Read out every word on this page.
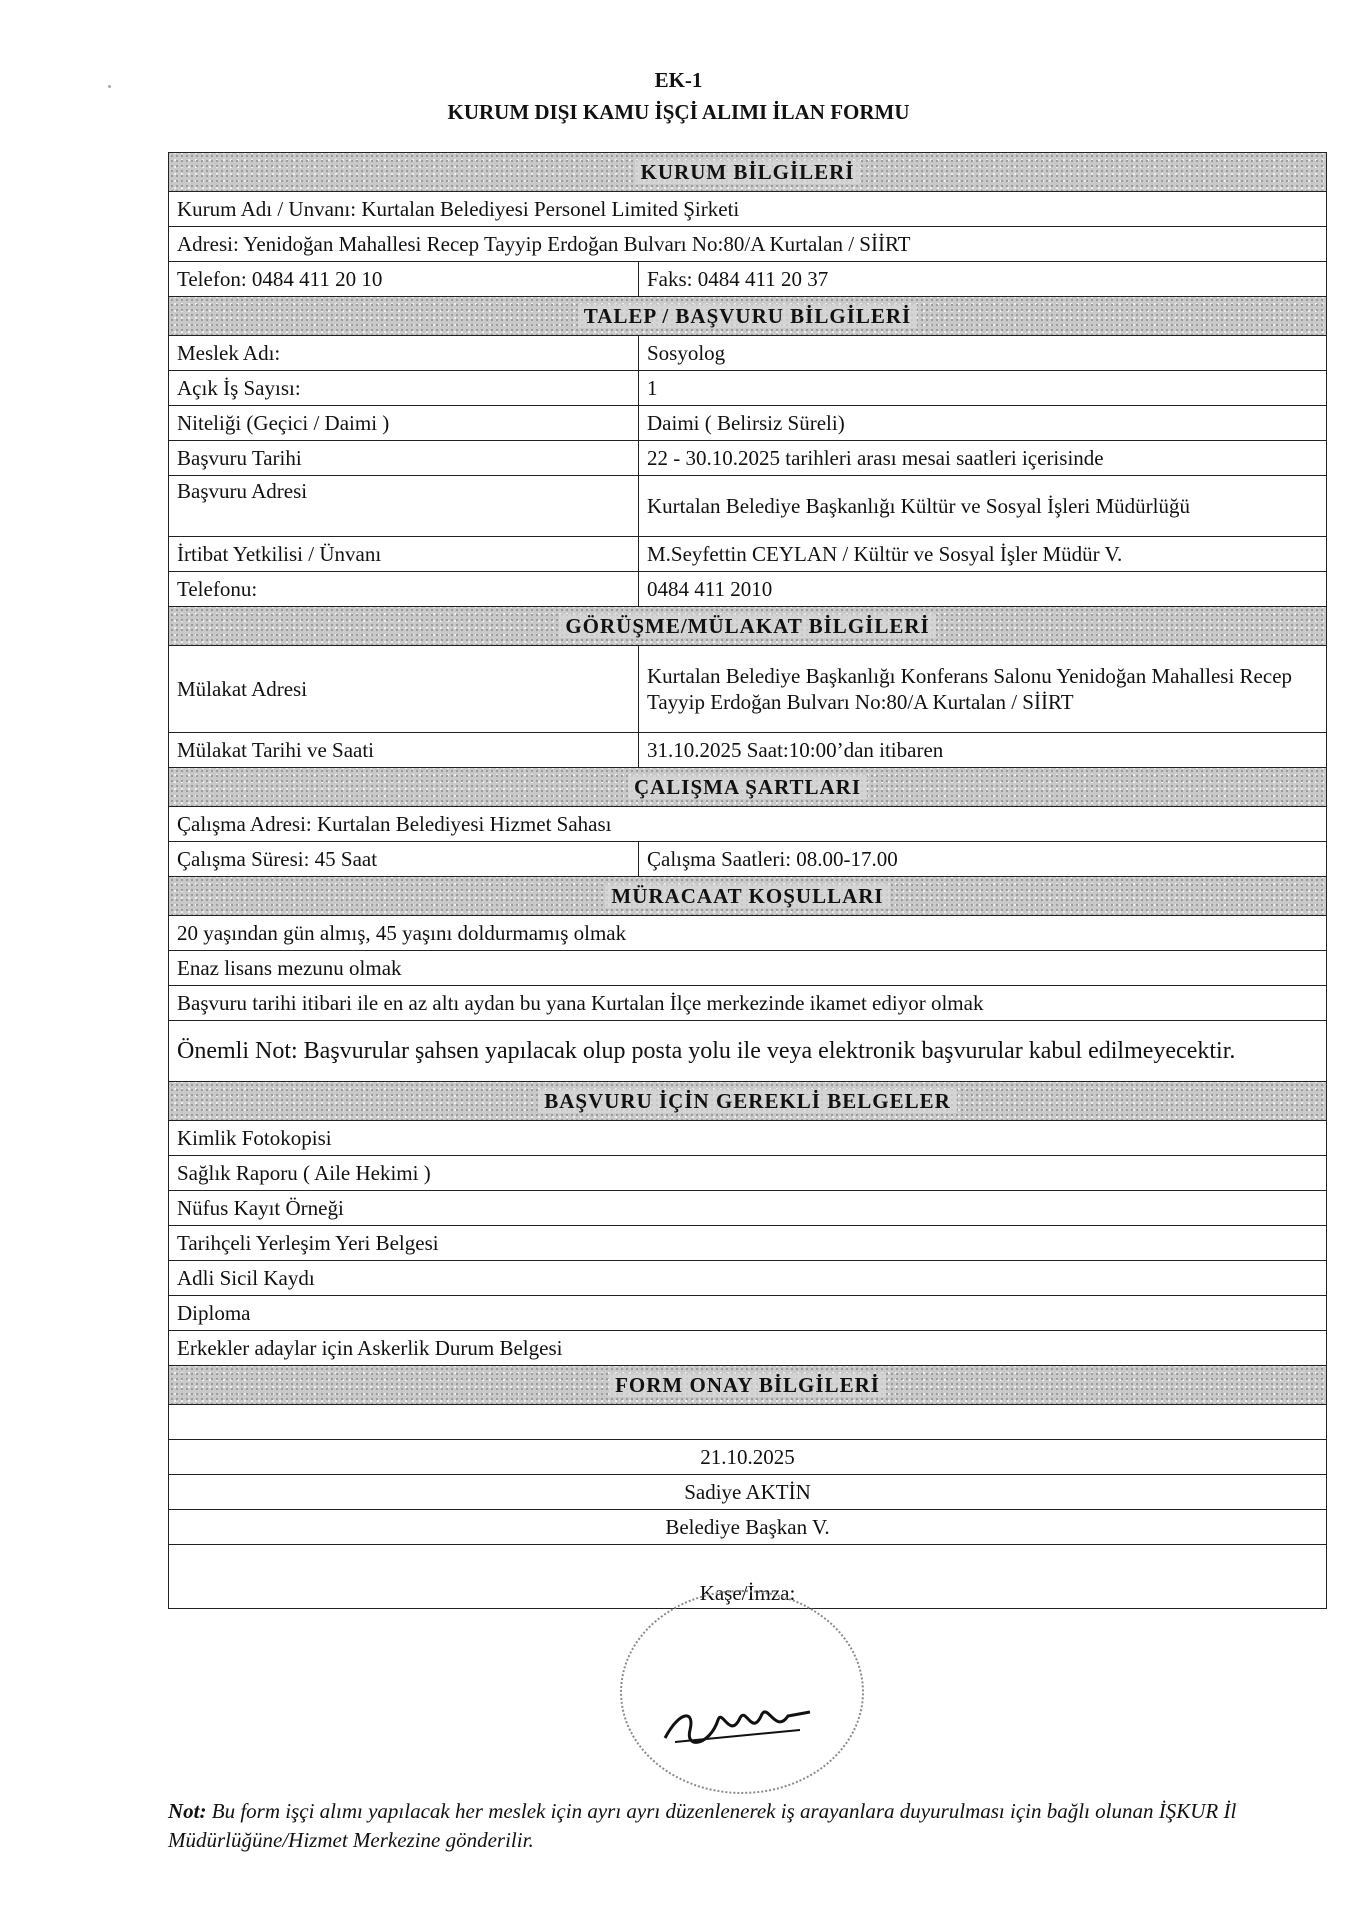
EK-1
KURUM DIŞI KAMU İŞÇİ ALIMI İLAN FORMU
KURUM BİLGİLERİ	
Kurum Adı / Unvanı: Kurtalan Belediyesi Personel Limited Şirketi	
Adresi: Yenidoğan Mahallesi Recep Tayyip Erdoğan Bulvarı No:80/A Kurtalan / SİİRT	
Telefon: 0484 411 20 10	Faks: 0484 411 20 37
TALEP / BAŞVURU BİLGİLERİ	
Meslek Adı:	Sosyolog
Açık İş Sayısı:	1
Niteliği (Geçici / Daimi )	Daimi ( Belirsiz Süreli)
Başvuru Tarihi	22 - 30.10.2025 tarihleri arası mesai saatleri içerisinde
Başvuru Adresi	Kurtalan Belediye Başkanlığı Kültür ve Sosyal İşleri Müdürlüğü
İrtibat Yetkilisi / Ünvanı	M.Seyfettin CEYLAN / Kültür ve Sosyal İşler Müdür V.
Telefonu:	0484 411 2010
GÖRÜŞME/MÜLAKAT BİLGİLERİ	
Mülakat Adresi	Kurtalan Belediye Başkanlığı Konferans Salonu Yenidoğan Mahallesi Recep Tayyip Erdoğan Bulvarı No:80/A Kurtalan / SİİRT
Mülakat Tarihi ve Saati	31.10.2025 Saat:10:00’dan itibaren
ÇALIŞMA ŞARTLARI	
Çalışma Adresi: Kurtalan Belediyesi Hizmet Sahası	
Çalışma Süresi: 45 Saat	Çalışma Saatleri: 08.00-17.00
MÜRACAAT KOŞULLARI	
20 yaşından gün almış, 45 yaşını doldurmamış olmak	
Enaz lisans mezunu olmak	
Başvuru tarihi itibari ile en az altı aydan bu yana Kurtalan İlçe merkezinde ikamet ediyor olmak	
Önemli Not: Başvurular şahsen yapılacak olup posta yolu ile veya elektronik başvurular kabul edilmeyecektir.	
BAŞVURU İÇİN GEREKLİ BELGELER	
Kimlik Fotokopisi	
Sağlık Raporu ( Aile Hekimi )	
Nüfus Kayıt Örneği	
Tarihçeli Yerleşim Yeri Belgesi	
Adli Sicil Kaydı	
Diploma	
Erkekler adaylar için Askerlik Durum Belgesi	
FORM ONAY BİLGİLERİ	

21.10.2025	
Sadiye AKTİN	
Belediye Başkan V.	
Kaşe/İmza:	
Not: Bu form işçi alımı yapılacak her meslek için ayrı ayrı düzenlenerek iş arayanlara duyurulması için bağlı olunan İŞKUR İl Müdürlüğüne/Hizmet Merkezine gönderilir.
